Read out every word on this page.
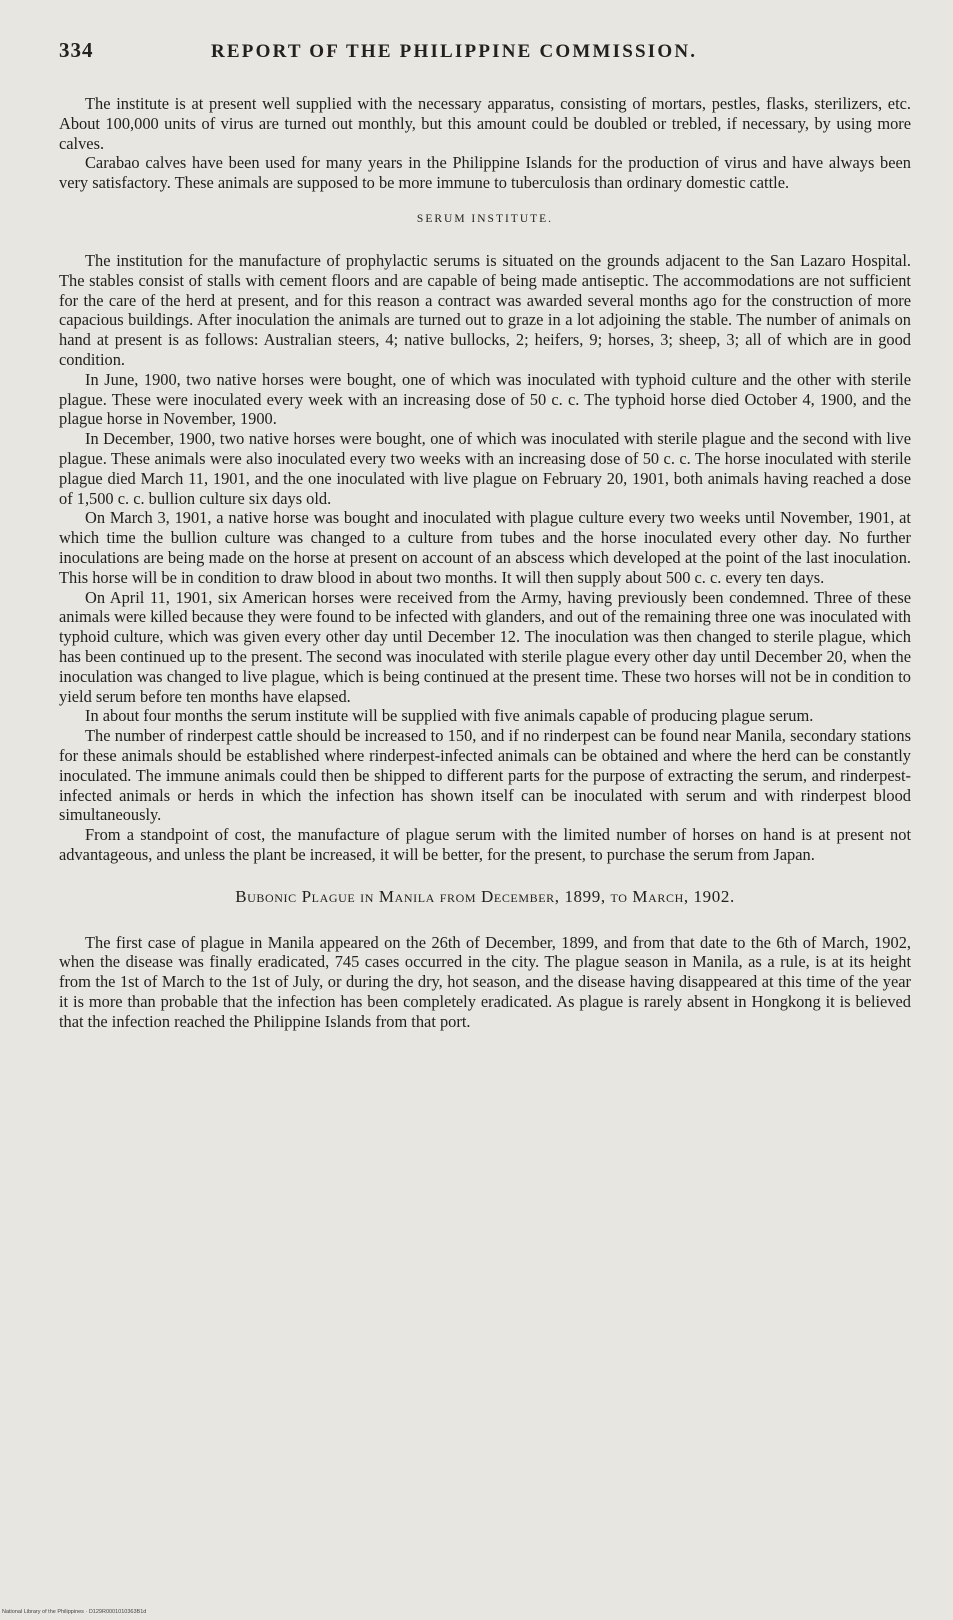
334	REPORT OF THE PHILIPPINE COMMISSION.

The institute is at present well supplied with the necessary apparatus, consisting of mortars, pestles, flasks, sterilizers, etc. About 100,000 units of virus are turned out monthly, but this amount could be doubled or trebled, if necessary, by using more calves.

Carabao calves have been used for many years in the Philippine Islands for the production of virus and have always been very satisfactory. These animals are supposed to be more immune to tuberculosis than ordinary domestic cattle.

SERUM INSTITUTE.

The institution for the manufacture of prophylactic serums is situated on the grounds adjacent to the San Lazaro Hospital. The stables consist of stalls with cement floors and are capable of being made antiseptic. The accommodations are not sufficient for the care of the herd at present, and for this reason a contract was awarded several months ago for the construction of more capacious buildings. After inoculation the animals are turned out to graze in a lot adjoining the stable. The number of animals on hand at present is as follows: Australian steers, 4; native bullocks, 2; heifers, 9; horses, 3; sheep, 3; all of which are in good condition.

In June, 1900, two native horses were bought, one of which was inoculated with typhoid culture and the other with sterile plague. These were inoculated every week with an increasing dose of 50 c. c. The typhoid horse died October 4, 1900, and the plague horse in November, 1900.

In December, 1900, two native horses were bought, one of which was inoculated with sterile plague and the second with live plague. These animals were also inoculated every two weeks with an increasing dose of 50 c. c. The horse inoculated with sterile plague died March 11, 1901, and the one inoculated with live plague on February 20, 1901, both animals having reached a dose of 1,500 c. c. bullion culture six days old.

On March 3, 1901, a native horse was bought and inoculated with plague culture every two weeks until November, 1901, at which time the bullion culture was changed to a culture from tubes and the horse inoculated every other day. No further inoculations are being made on the horse at present on account of an abscess which developed at the point of the last inoculation. This horse will be in condition to draw blood in about two months. It will then supply about 500 c. c. every ten days.

On April 11, 1901, six American horses were received from the Army, having previously been condemned. Three of these animals were killed because they were found to be infected with glanders, and out of the remaining three one was inoculated with typhoid culture, which was given every other day until December 12. The inoculation was then changed to sterile plague, which has been continued up to the present. The second was inoculated with sterile plague every other day until December 20, when the inoculation was changed to live plague, which is being continued at the present time. These two horses will not be in condition to yield serum before ten months have elapsed.

In about four months the serum institute will be supplied with five animals capable of producing plague serum.

The number of rinderpest cattle should be increased to 150, and if no rinderpest can be found near Manila, secondary stations for these animals should be established where rinderpest-infected animals can be obtained and where the herd can be constantly inoculated. The immune animals could then be shipped to different parts for the purpose of extracting the serum, and rinderpest-infected animals or herds in which the infection has shown itself can be inoculated with serum and with rinderpest blood simultaneously.

From a standpoint of cost, the manufacture of plague serum with the limited number of horses on hand is at present not advantageous, and unless the plant be increased, it will be better, for the present, to purchase the serum from Japan.

Bubonic Plague in Manila from December, 1899, to March, 1902.

The first case of plague in Manila appeared on the 26th of December, 1899, and from that date to the 6th of March, 1902, when the disease was finally eradicated, 745 cases occurred in the city. The plague season in Manila, as a rule, is at its height from the 1st of March to the 1st of July, or during the dry, hot season, and the disease having disappeared at this time of the year it is more than probable that the infection has been completely eradicated. As plague is rarely absent in Hongkong it is believed that the infection reached the Philippine Islands from that port.

National Library of the Philippines · D129R0001010363B1d
